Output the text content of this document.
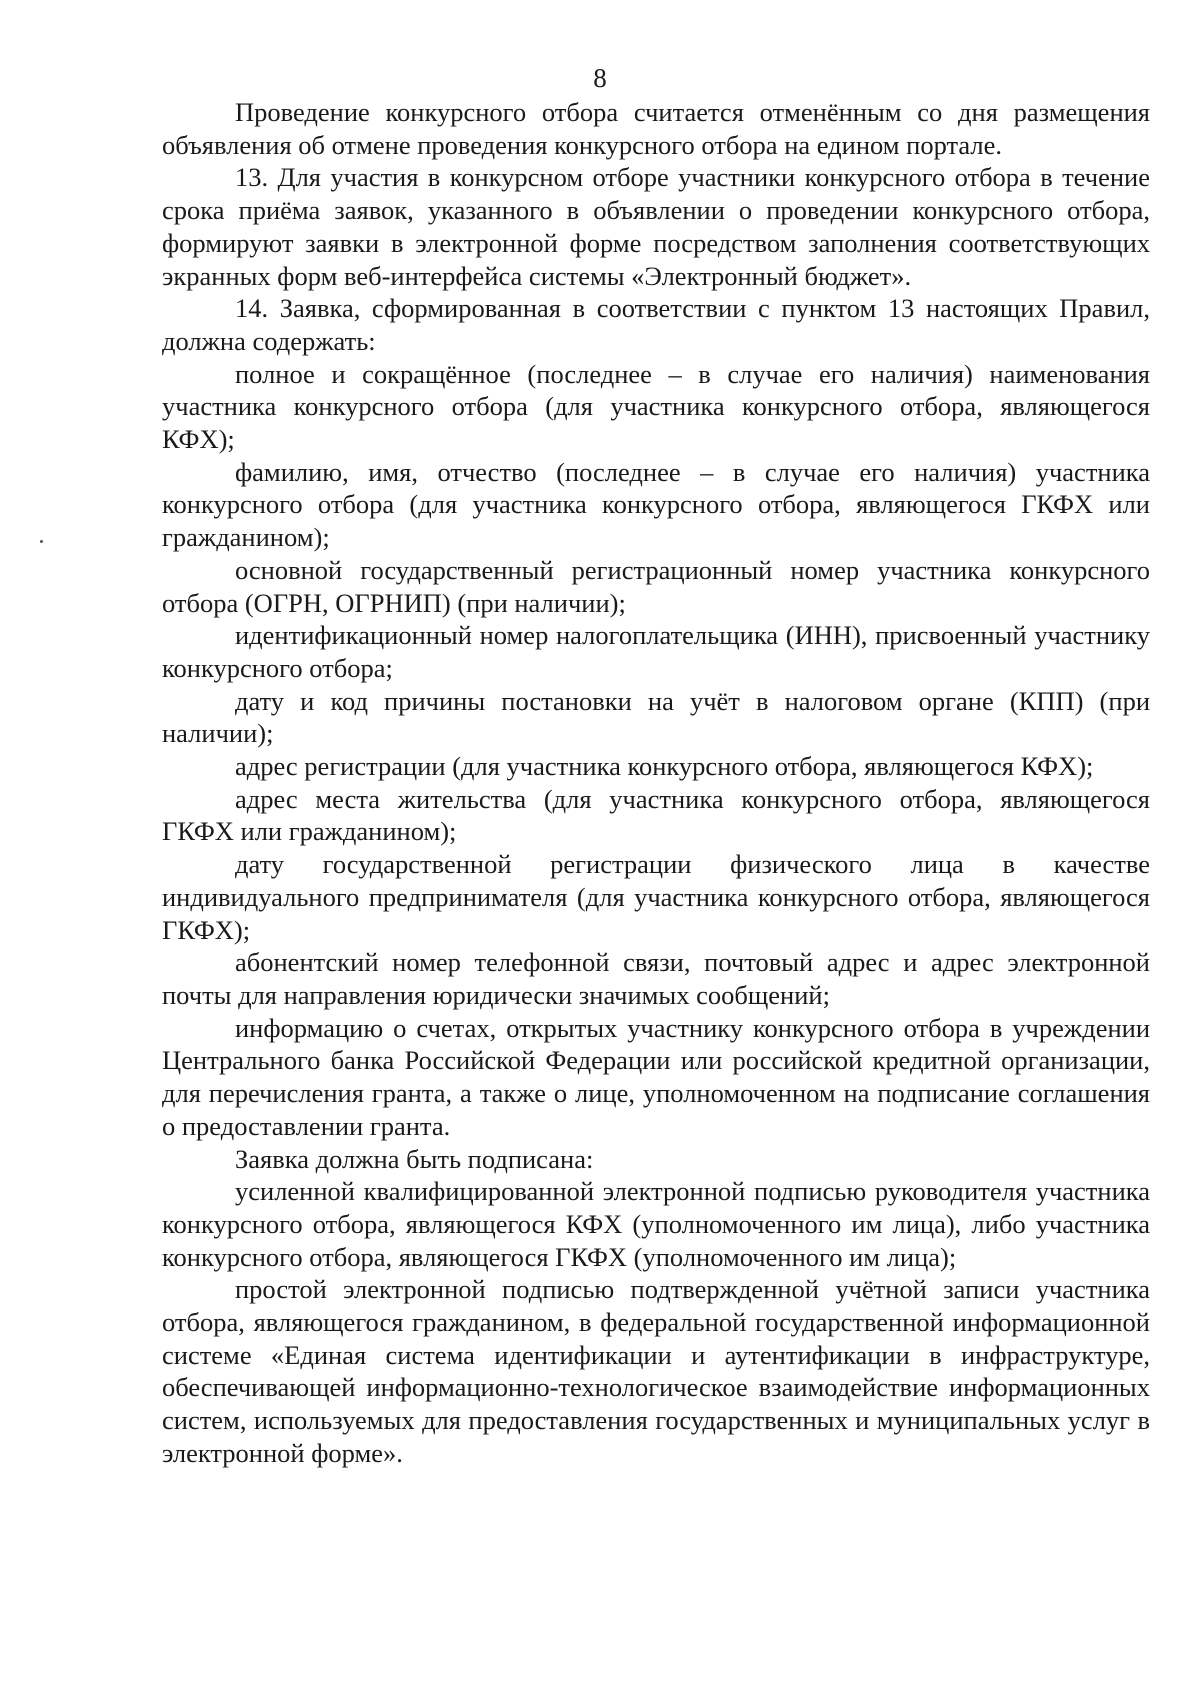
8

Проведение конкурсного отбора считается отменённым со дня размещения объявления об отмене проведения конкурсного отбора на едином портале.

13. Для участия в конкурсном отборе участники конкурсного отбора в течение срока приёма заявок, указанного в объявлении о проведении конкурсного отбора, формируют заявки в электронной форме посредством заполнения соответствующих экранных форм веб-интерфейса системы «Электронный бюджет».

14. Заявка, сформированная в соответствии с пунктом 13 настоящих Правил, должна содержать:

полное и сокращённое (последнее – в случае его наличия) наименования участника конкурсного отбора (для участника конкурсного отбора, являющегося КФХ);

фамилию, имя, отчество (последнее – в случае его наличия) участника конкурсного отбора (для участника конкурсного отбора, являющегося ГКФХ или гражданином);

основной государственный регистрационный номер участника конкурсного отбора (ОГРН, ОГРНИП) (при наличии);

идентификационный номер налогоплательщика (ИНН), присвоенный участнику конкурсного отбора;

дату и код причины постановки на учёт в налоговом органе (КПП) (при наличии);

адрес регистрации (для участника конкурсного отбора, являющегося КФХ);

адрес места жительства (для участника конкурсного отбора, являющегося ГКФХ или гражданином);

дату государственной регистрации физического лица в качестве индивидуального предпринимателя (для участника конкурсного отбора, являющегося ГКФХ);

абонентский номер телефонной связи, почтовый адрес и адрес электронной почты для направления юридически значимых сообщений;

информацию о счетах, открытых участнику конкурсного отбора в учреждении Центрального банка Российской Федерации или российской кредитной организации, для перечисления гранта, а также о лице, уполномоченном на подписание соглашения о предоставлении гранта.

Заявка должна быть подписана:

усиленной квалифицированной электронной подписью руководителя участника конкурсного отбора, являющегося КФХ (уполномоченного им лица), либо участника конкурсного отбора, являющегося ГКФХ (уполномоченного им лица);

простой электронной подписью подтвержденной учётной записи участника отбора, являющегося гражданином, в федеральной государственной информационной системе «Единая система идентификации и аутентификации в инфраструктуре, обеспечивающей информационно-технологическое взаимодействие информационных систем, используемых для предоставления государственных и муниципальных услуг в электронной форме».
